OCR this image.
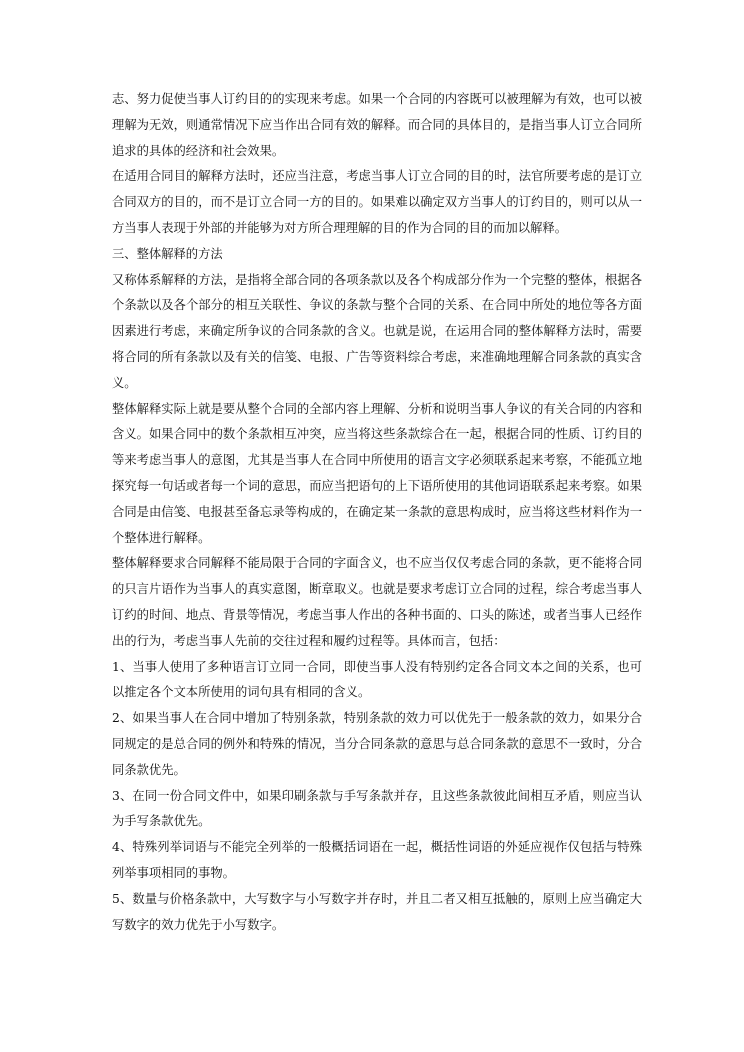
志、努力促使当事人订约目的的实现来考虑。如果一个合同的内容既可以被理解为有效，也可以被理解为无效，则通常情况下应当作出合同有效的解释。而合同的具体目的，是指当事人订立合同所追求的具体的经济和社会效果。

在适用合同目的解释方法时，还应当注意，考虑当事人订立合同的目的时，法官所要考虑的是订立合同双方的目的，而不是订立合同一方的目的。如果难以确定双方当事人的订约目的，则可以从一方当事人表现于外部的并能够为对方所合理理解的目的作为合同的目的而加以解释。

三、整体解释的方法

又称体系解释的方法，是指将全部合同的各项条款以及各个构成部分作为一个完整的整体，根据各个条款以及各个部分的相互关联性、争议的条款与整个合同的关系、在合同中所处的地位等各方面因素进行考虑，来确定所争议的合同条款的含义。也就是说，在运用合同的整体解释方法时，需要将合同的所有条款以及有关的信笺、电报、广告等资料综合考虑，来准确地理解合同条款的真实含义。

整体解释实际上就是要从整个合同的全部内容上理解、分析和说明当事人争议的有关合同的内容和含义。如果合同中的数个条款相互冲突，应当将这些条款综合在一起，根据合同的性质、订约目的等来考虑当事人的意图，尤其是当事人在合同中所使用的语言文字必须联系起来考察，不能孤立地探究每一句话或者每一个词的意思，而应当把语句的上下语所使用的其他词语联系起来考察。如果合同是由信笺、电报甚至备忘录等构成的，在确定某一条款的意思构成时，应当将这些材料作为一个整体进行解释。

整体解释要求合同解释不能局限于合同的字面含义，也不应当仅仅考虑合同的条款，更不能将合同的只言片语作为当事人的真实意图，断章取义。也就是要求考虑订立合同的过程，综合考虑当事人订约的时间、地点、背景等情况，考虑当事人作出的各种书面的、口头的陈述，或者当事人已经作出的行为，考虑当事人先前的交往过程和履约过程等。具体而言，包括：

1、当事人使用了多种语言订立同一合同，即使当事人没有特别约定各合同文本之间的关系，也可以推定各个文本所使用的词句具有相同的含义。

2、如果当事人在合同中增加了特别条款，特别条款的效力可以优先于一般条款的效力，如果分合同规定的是总合同的例外和特殊的情况，当分合同条款的意思与总合同条款的意思不一致时，分合同条款优先。

3、在同一份合同文件中，如果印刷条款与手写条款并存，且这些条款彼此间相互矛盾，则应当认为手写条款优先。

4、特殊列举词语与不能完全列举的一般概括词语在一起，概括性词语的外延应视作仅包括与特殊列举事项相同的事物。

5、数量与价格条款中，大写数字与小写数字并存时，并且二者又相互抵触的，原则上应当确定大写数字的效力优先于小写数字。
